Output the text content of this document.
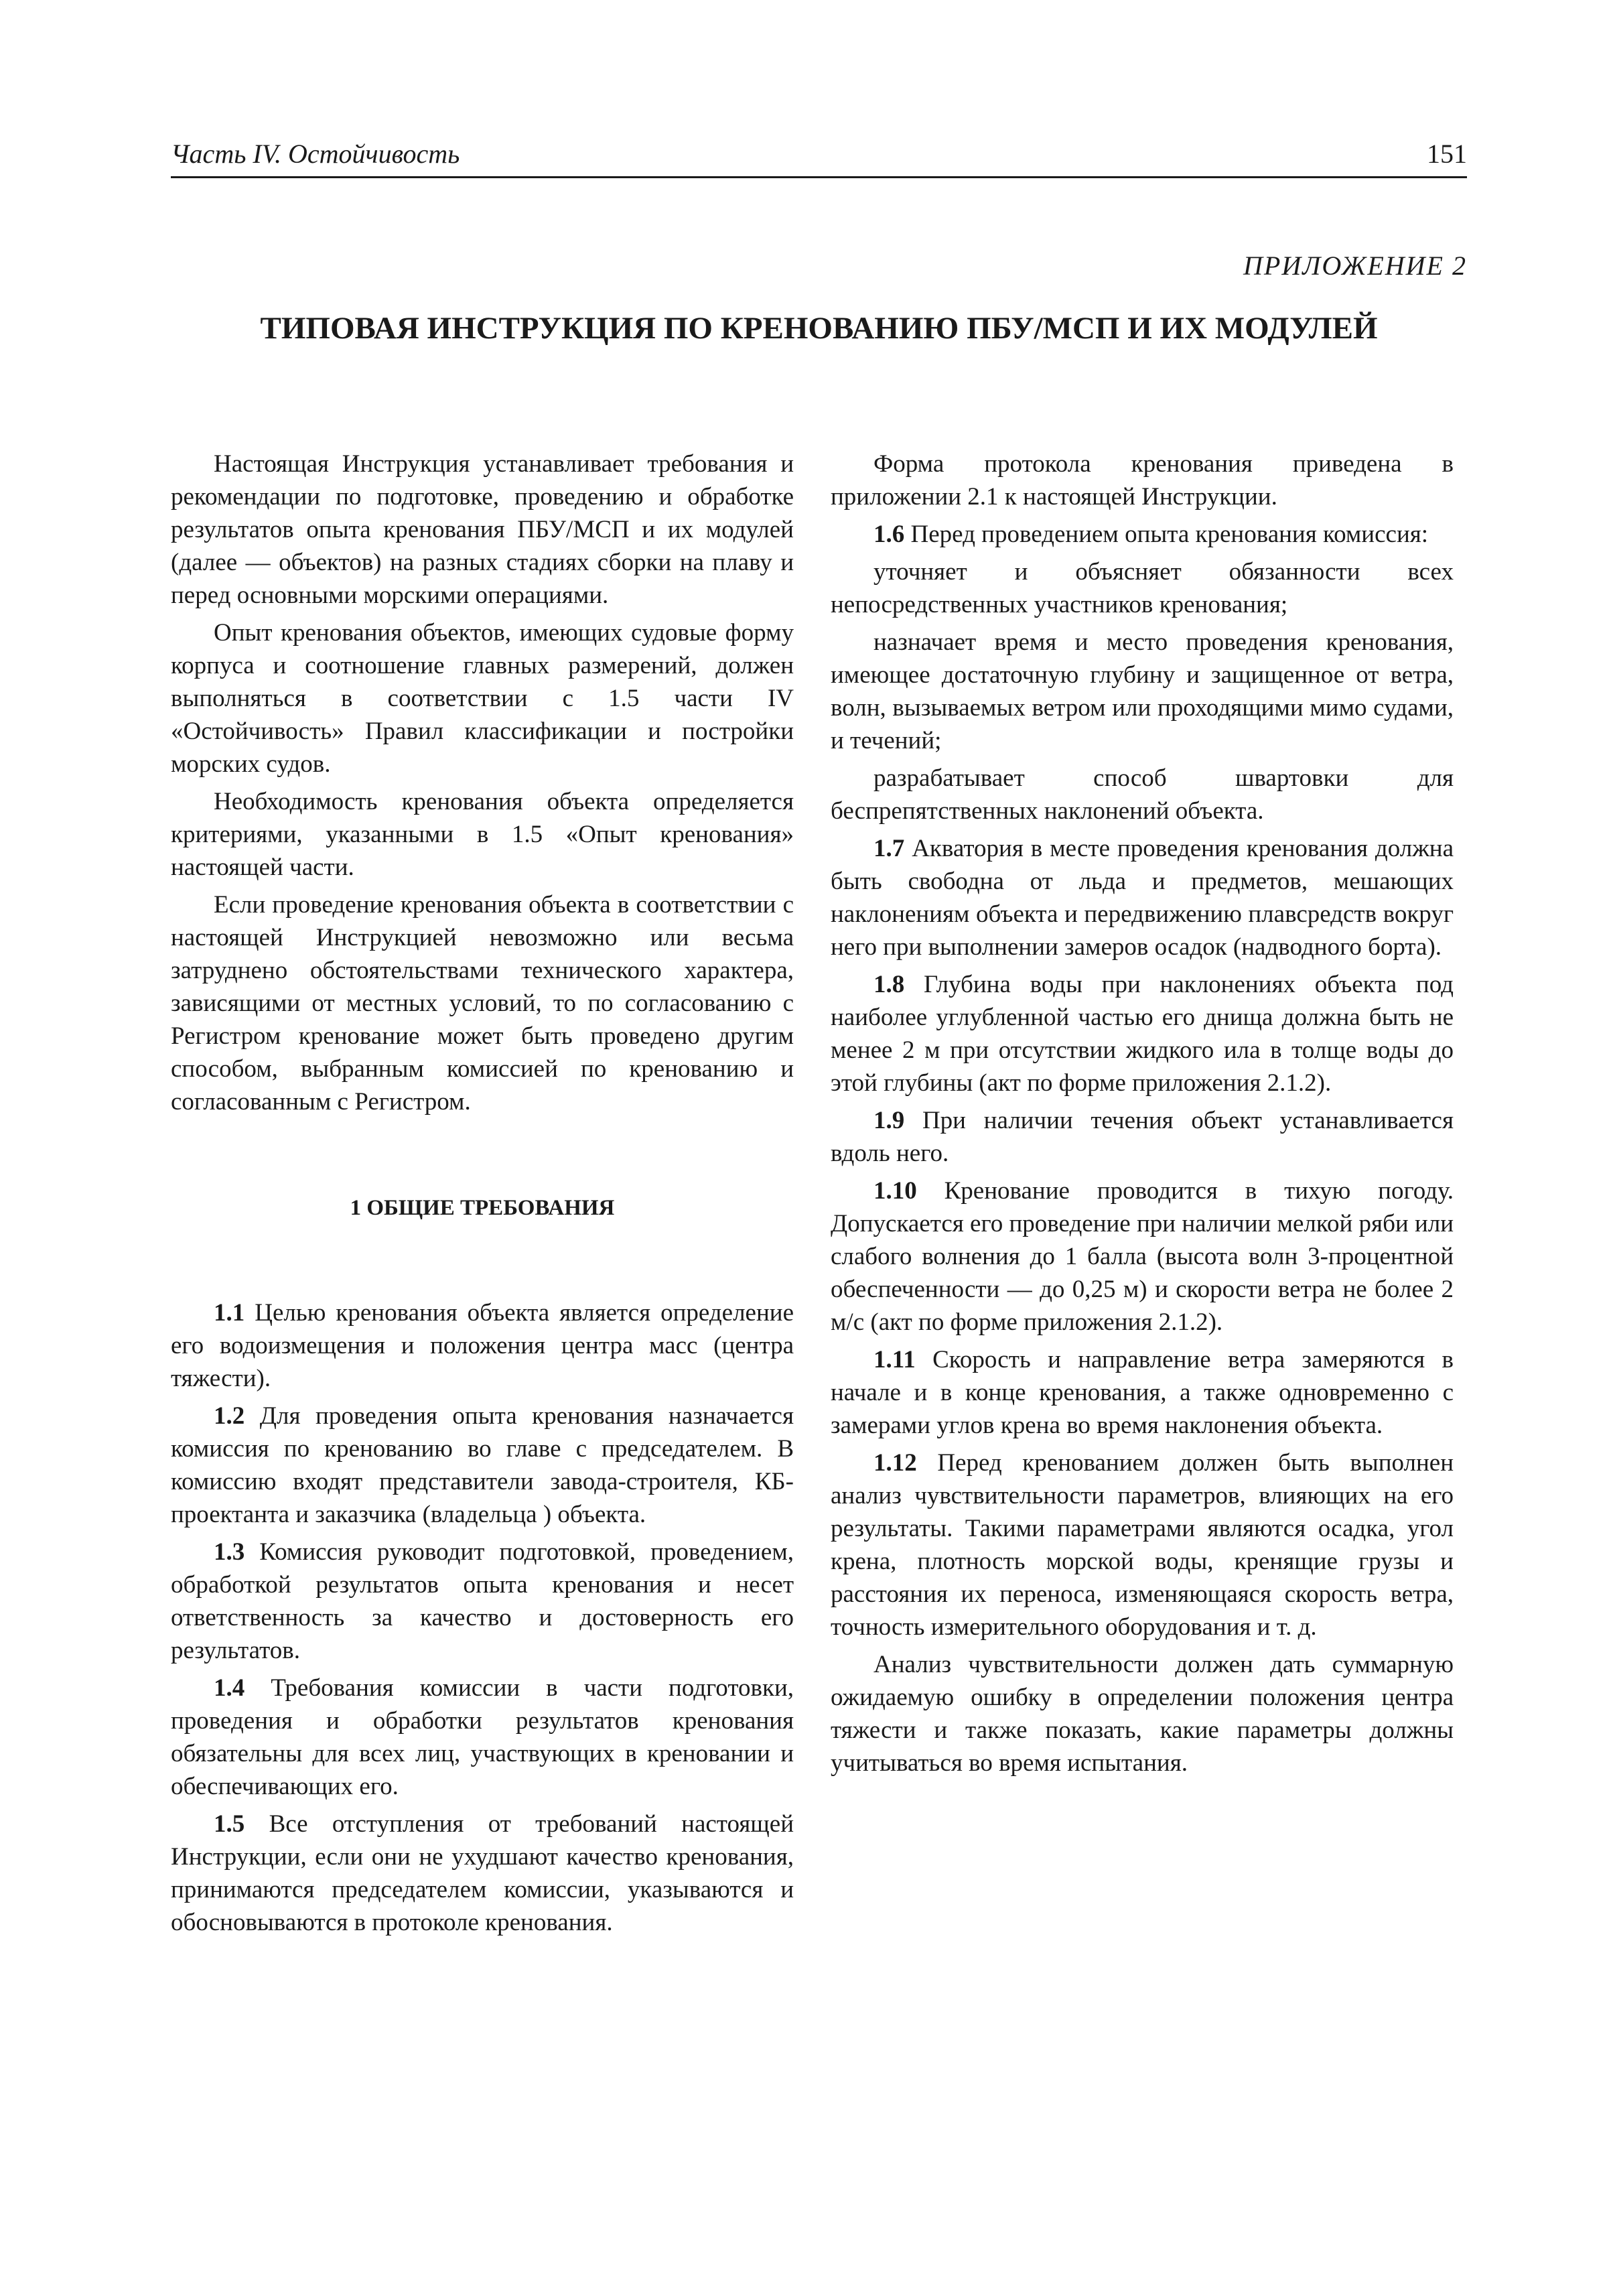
Часть IV. Остойчивость	151
ПРИЛОЖЕНИЕ 2
ТИПОВАЯ ИНСТРУКЦИЯ ПО КРЕНОВАНИЮ ПБУ/МСП И ИХ МОДУЛЕЙ

Настоящая Инструкция устанавливает требования и рекомендации по подготовке, проведению и обработке результатов опыта кренования ПБУ/МСП и их модулей (далее — объектов) на разных стадиях сборки на плаву и перед основными морскими операциями.

Опыт кренования объектов, имеющих судовые форму корпуса и соотношение главных размерений, должен выполняться в соответствии с 1.5 части IV «Остойчивость» Правил классификации и постройки морских судов.

Необходимость кренования объекта определяется критериями, указанными в 1.5 «Опыт кренования» настоящей части.

Если проведение кренования объекта в соответствии с настоящей Инструкцией невозможно или весьма затруднено обстоятельствами технического характера, зависящими от местных условий, то по согласованию с Регистром кренование может быть проведено другим способом, выбранным комиссией по кренованию и согласованным с Регистром.

1 ОБЩИЕ ТРЕБОВАНИЯ

1.1 Целью кренования объекта является определение его водоизмещения и положения центра масс (центра тяжести).

1.2 Для проведения опыта кренования назначается комиссия по кренованию во главе с председателем. В комиссию входят представители завода-строителя, КБ-проектанта и заказчика (владельца ) объекта.

1.3 Комиссия руководит подготовкой, проведением, обработкой результатов опыта кренования и несет ответственность за качество и достоверность его результатов.

1.4 Требования комиссии в части подготовки, проведения и обработки результатов кренования обязательны для всех лиц, участвующих в креновании и обеспечивающих его.

1.5 Все отступления от требований настоящей Инструкции, если они не ухудшают качество кренования, принимаются председателем комиссии, указываются и обосновываются в протоколе кренования.

Форма протокола кренования приведена в приложении 2.1 к настоящей Инструкции.

1.6 Перед проведением опыта кренования комиссия:

уточняет и объясняет обязанности всех непосредственных участников кренования;

назначает время и место проведения кренования, имеющее достаточную глубину и защищенное от ветра, волн, вызываемых ветром или проходящими мимо судами, и течений;

разрабатывает способ швартовки для беспрепятственных наклонений объекта.

1.7 Акватория в месте проведения кренования должна быть свободна от льда и предметов, мешающих наклонениям объекта и передвижению плавсредств вокруг него при выполнении замеров осадок (надводного борта).

1.8 Глубина воды при наклонениях объекта под наиболее углубленной частью его днища должна быть не менее 2 м при отсутствии жидкого ила в толще воды до этой глубины (акт по форме приложения 2.1.2).

1.9 При наличии течения объект устанавливается вдоль него.

1.10 Кренование проводится в тихую погоду. Допускается его проведение при наличии мелкой ряби или слабого волнения до 1 балла (высота волн 3-процентной обеспеченности — до 0,25 м) и скорости ветра не более 2 м/с (акт по форме приложения 2.1.2).

1.11 Скорость и направление ветра замеряются в начале и в конце кренования, а также одновременно с замерами углов крена во время наклонения объекта.

1.12 Перед кренованием должен быть выполнен анализ чувствительности параметров, влияющих на его результаты. Такими параметрами являются осадка, угол крена, плотность морской воды, кренящие грузы и расстояния их переноса, изменяющаяся скорость ветра, точность измерительного оборудования и т. д.

Анализ чувствительности должен дать суммарную ожидаемую ошибку в определении положения центра тяжести и также показать, какие параметры должны учитываться во время испытания.
